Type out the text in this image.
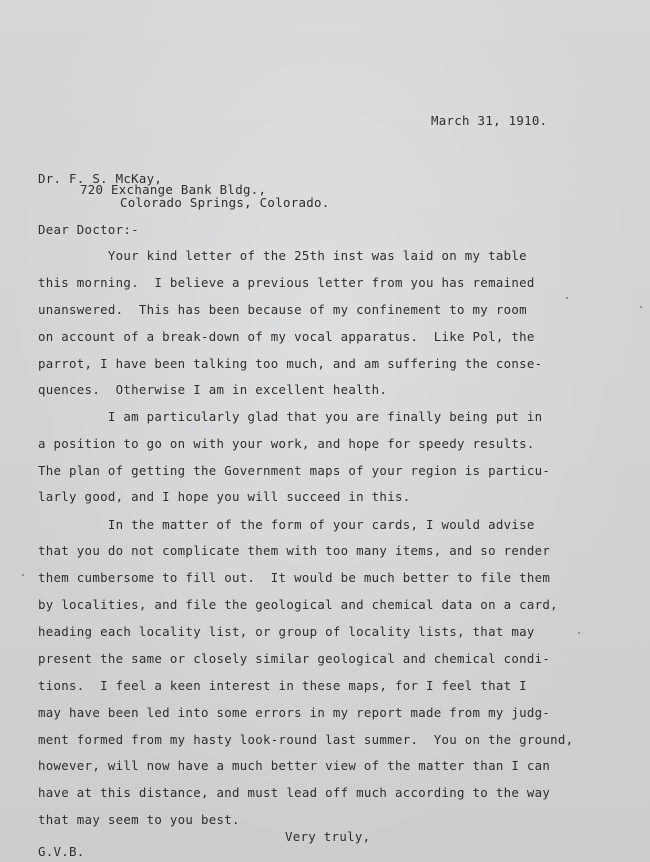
March 31, 1910.
Dr. F. S. McKay,
720 Exchange Bank Bldg.,
Colorado Springs, Colorado.
Dear Doctor:-
Your kind letter of the 25th inst was laid on my table
this morning.  I believe a previous letter from you has remained
unanswered.  This has been because of my confinement to my room
on account of a break-down of my vocal apparatus.  Like Pol, the
parrot, I have been talking too much, and am suffering the conse-
quences.  Otherwise I am in excellent health.
I am particularly glad that you are finally being put in
a position to go on with your work, and hope for speedy results.
The plan of getting the Government maps of your region is particu-
larly good, and I hope you will succeed in this.
In the matter of the form of your cards, I would advise
that you do not complicate them with too many items, and so render
them cumbersome to fill out.  It would be much better to file them
by localities, and file the geological and chemical data on a card,
heading each locality list, or group of locality lists, that may
present the same or closely similar geological and chemical condi-
tions.  I feel a keen interest in these maps, for I feel that I
may have been led into some errors in my report made from my judg-
ment formed from my hasty look-round last summer.  You on the ground,
however, will now have a much better view of the matter than I can
have at this distance, and must lead off much according to the way
that may seem to you best.
Very truly,
G.V.B.
